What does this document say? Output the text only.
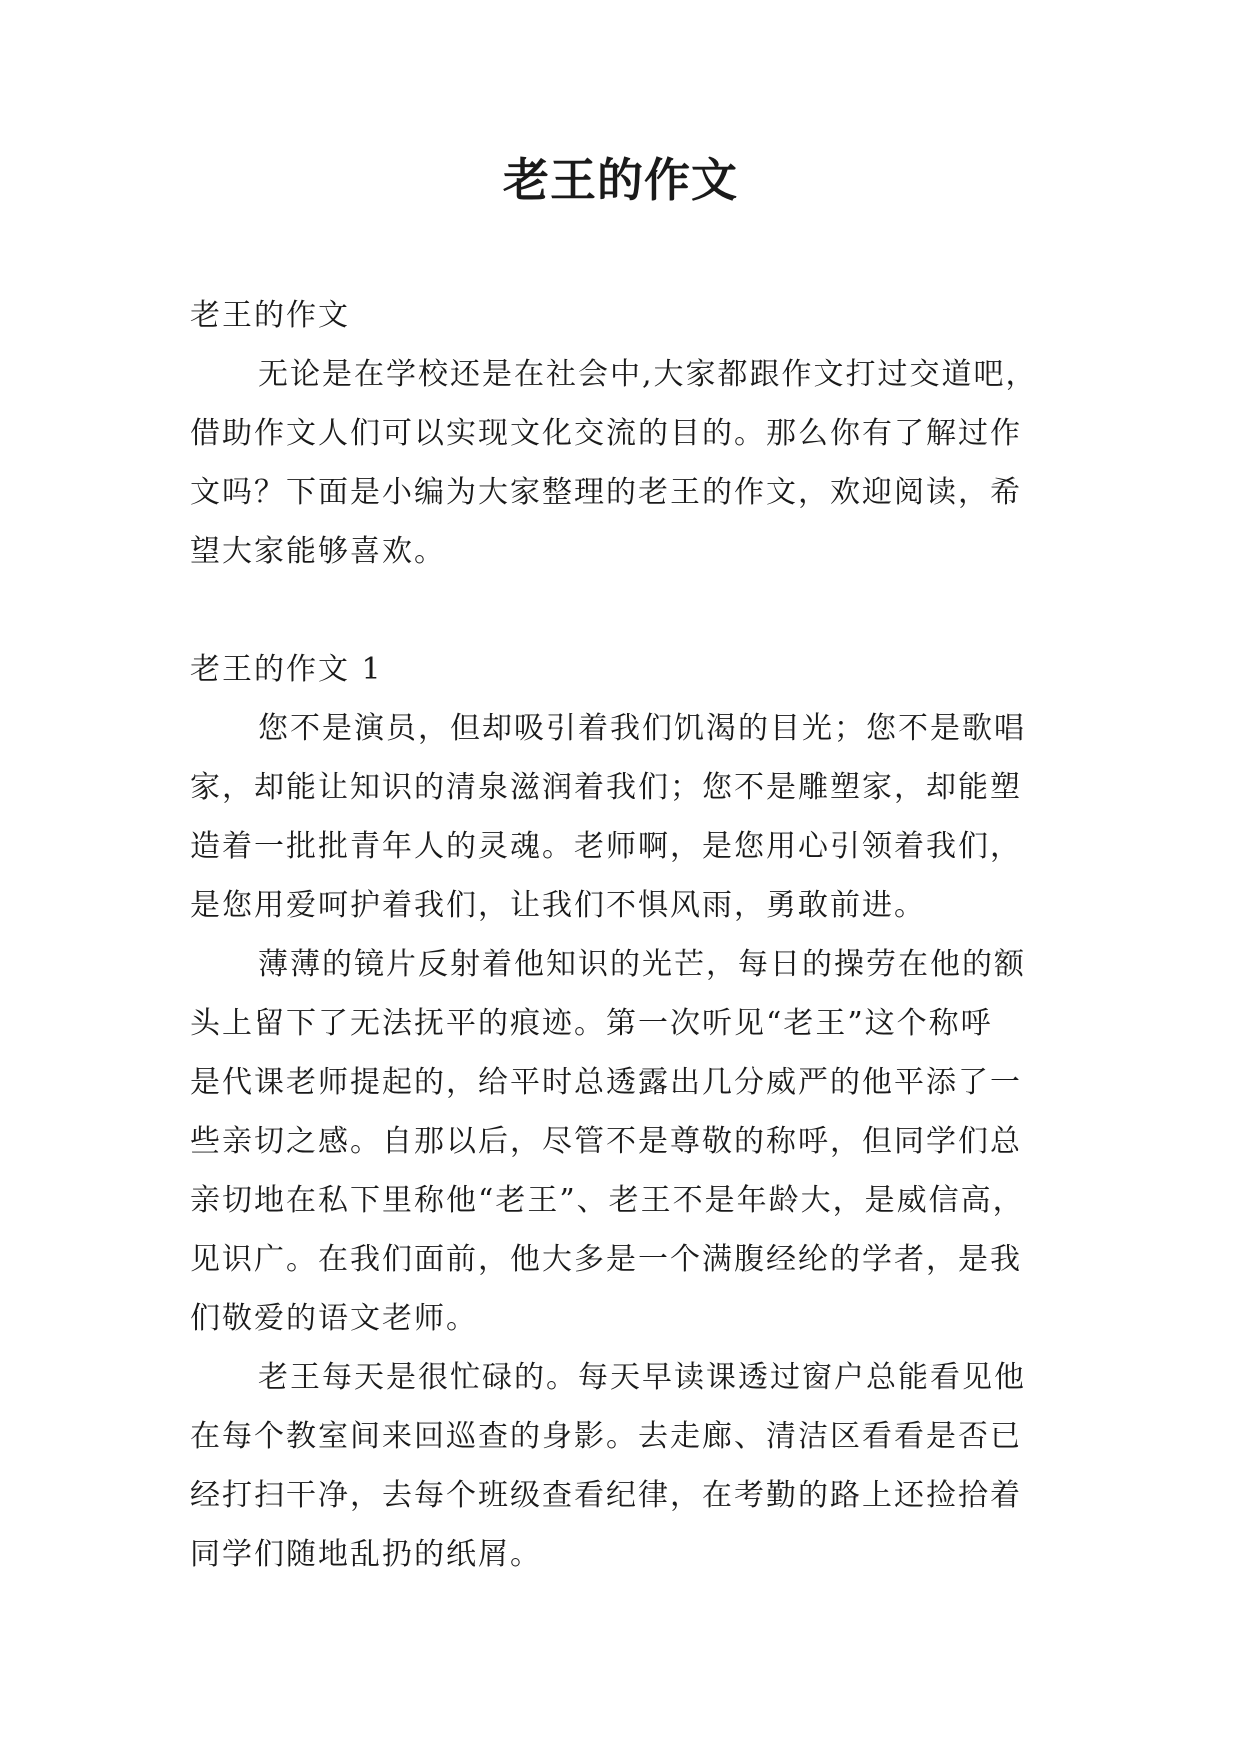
老王的作文

老王的作文

无论是在学校还是在社会中,大家都跟作文打过交道吧，

借助作文人们可以实现文化交流的目的。那么你有了解过作

文吗？下面是小编为大家整理的老王的作文，欢迎阅读，希

望大家能够喜欢。

老王的作文 1

您不是演员，但却吸引着我们饥渴的目光；您不是歌唱

家，却能让知识的清泉滋润着我们；您不是雕塑家，却能塑

造着一批批青年人的灵魂。老师啊，是您用心引领着我们，

是您用爱呵护着我们，让我们不惧风雨，勇敢前进。

薄薄的镜片反射着他知识的光芒，每日的操劳在他的额

头上留下了无法抚平的痕迹。第一次听见“老王”这个称呼

是代课老师提起的，给平时总透露出几分威严的他平添了一

些亲切之感。自那以后，尽管不是尊敬的称呼，但同学们总

亲切地在私下里称他“老王”、老王不是年龄大，是威信高，

见识广。在我们面前，他大多是一个满腹经纶的学者，是我

们敬爱的语文老师。

老王每天是很忙碌的。每天早读课透过窗户总能看见他

在每个教室间来回巡查的身影。去走廊、清洁区看看是否已

经打扫干净，去每个班级查看纪律，在考勤的路上还捡拾着

同学们随地乱扔的纸屑。
